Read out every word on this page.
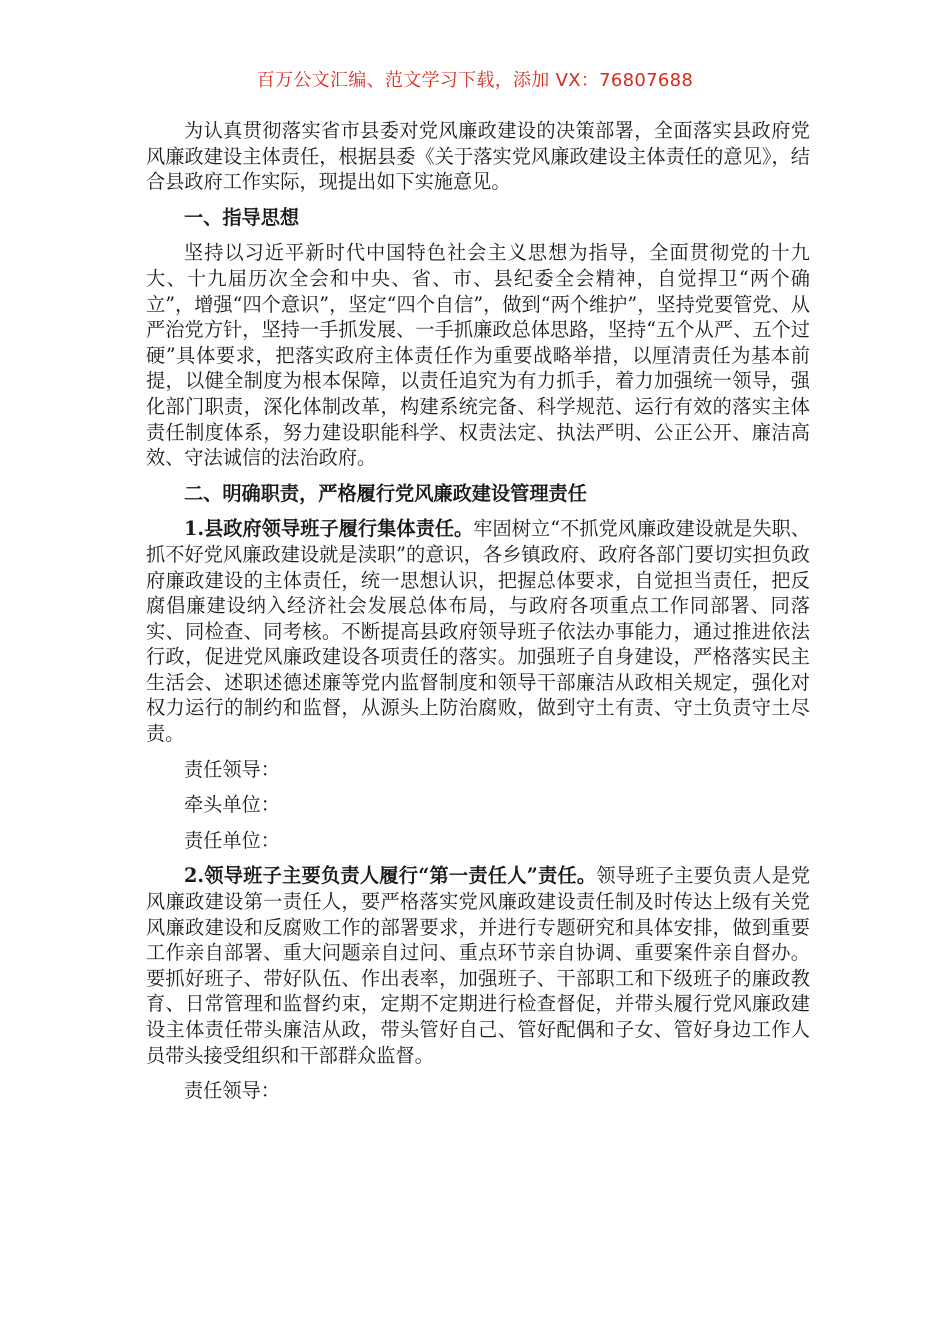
百万公文汇编、范文学习下载，添加 VX：76807688

为认真贯彻落实省市县委对党风廉政建设的决策部署，全面落实县政府党风廉政建设主体责任，根据县委《关于落实党风廉政建设主体责任的意见》，结合县政府工作实际，现提出如下实施意见。

一、指导思想

坚持以习近平新时代中国特色社会主义思想为指导，全面贯彻党的十九大、十九届历次全会和中央、省、市、县纪委全会精神，自觉捍卫“两个确立”，增强“四个意识”，坚定“四个自信”，做到“两个维护”，坚持党要管党、从严治党方针，坚持一手抓发展、一手抓廉政总体思路，坚持“五个从严、五个过硬”具体要求，把落实政府主体责任作为重要战略举措，以厘清责任为基本前提，以健全制度为根本保障，以责任追究为有力抓手，着力加强统一领导，强化部门职责，深化体制改革，构建系统完备、科学规范、运行有效的落实主体责任制度体系，努力建设职能科学、权责法定、执法严明、公正公开、廉洁高效、守法诚信的法治政府。

二、明确职责，严格履行党风廉政建设管理责任

1.县政府领导班子履行集体责任。牢固树立“不抓党风廉政建设就是失职、抓不好党风廉政建设就是渎职”的意识，各乡镇政府、政府各部门要切实担负政府廉政建设的主体责任，统一思想认识，把握总体要求，自觉担当责任，把反腐倡廉建设纳入经济社会发展总体布局，与政府各项重点工作同部署、同落实、同检查、同考核。不断提高县政府领导班子依法办事能力，通过推进依法行政，促进党风廉政建设各项责任的落实。加强班子自身建设，严格落实民主生活会、述职述德述廉等党内监督制度和领导干部廉洁从政相关规定，强化对权力运行的制约和监督，从源头上防治腐败，做到守土有责、守土负责守土尽责。

责任领导：

牵头单位：

责任单位：

2.领导班子主要负责人履行“第一责任人”责任。领导班子主要负责人是党风廉政建设第一责任人，要严格落实党风廉政建设责任制及时传达上级有关党风廉政建设和反腐败工作的部署要求，并进行专题研究和具体安排，做到重要工作亲自部署、重大问题亲自过问、重点环节亲自协调、重要案件亲自督办。要抓好班子、带好队伍、作出表率，加强班子、干部职工和下级班子的廉政教育、日常管理和监督约束，定期不定期进行检查督促，并带头履行党风廉政建设主体责任带头廉洁从政，带头管好自己、管好配偶和子女、管好身边工作人员带头接受组织和干部群众监督。

责任领导：
